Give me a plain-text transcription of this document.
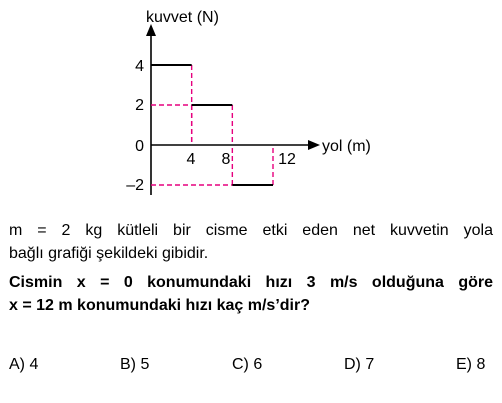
kuvvet (N)
yol (m)
4
2
0
–2
4 8	12
m = 2 kg kütleli bir cisme etki eden net kuvvetin yola
bağlı grafiği şekildeki gibidir.
Cismin x = 0 konumundaki hızı 3 m/s olduğuna göre
x = 12 m konumundaki hızı kaç m/s’dir?
A) 4	B) 5	C) 6	D) 7	E) 8
